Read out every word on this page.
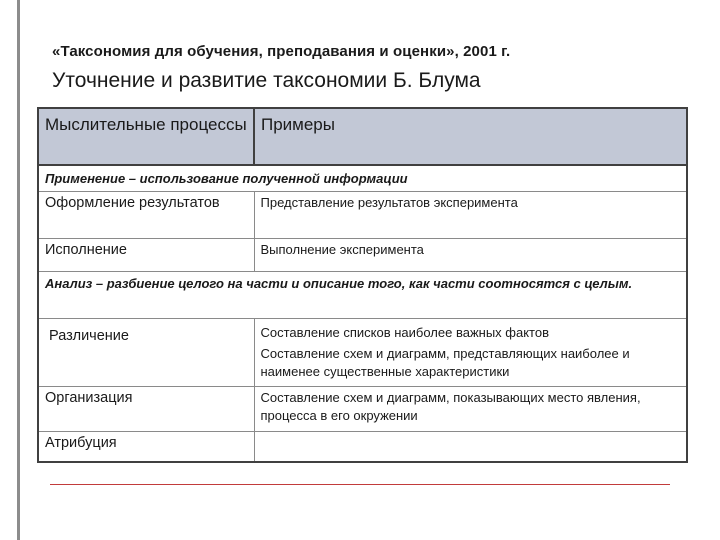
«Таксономия для обучения, преподавания и оценки», 2001 г.
Уточнение и развитие таксономии Б. Блума
Мыслительные процессы	Примеры
Применение – использование полученной информации	
Оформление результатов	Представление результатов эксперимента

Исполнение	Выполнение эксперимента

Анализ – разбиение целого на части и описание того, как части соотносятся с целым.	
Различение	Составление списков наиболее важных фактов
Составление схем и диаграмм, представляющих наиболее и наименее существенные характеристики

Организация	Составление схем и диаграмм, показывающих место явления, процесса в его окружении

Атрибуция	
